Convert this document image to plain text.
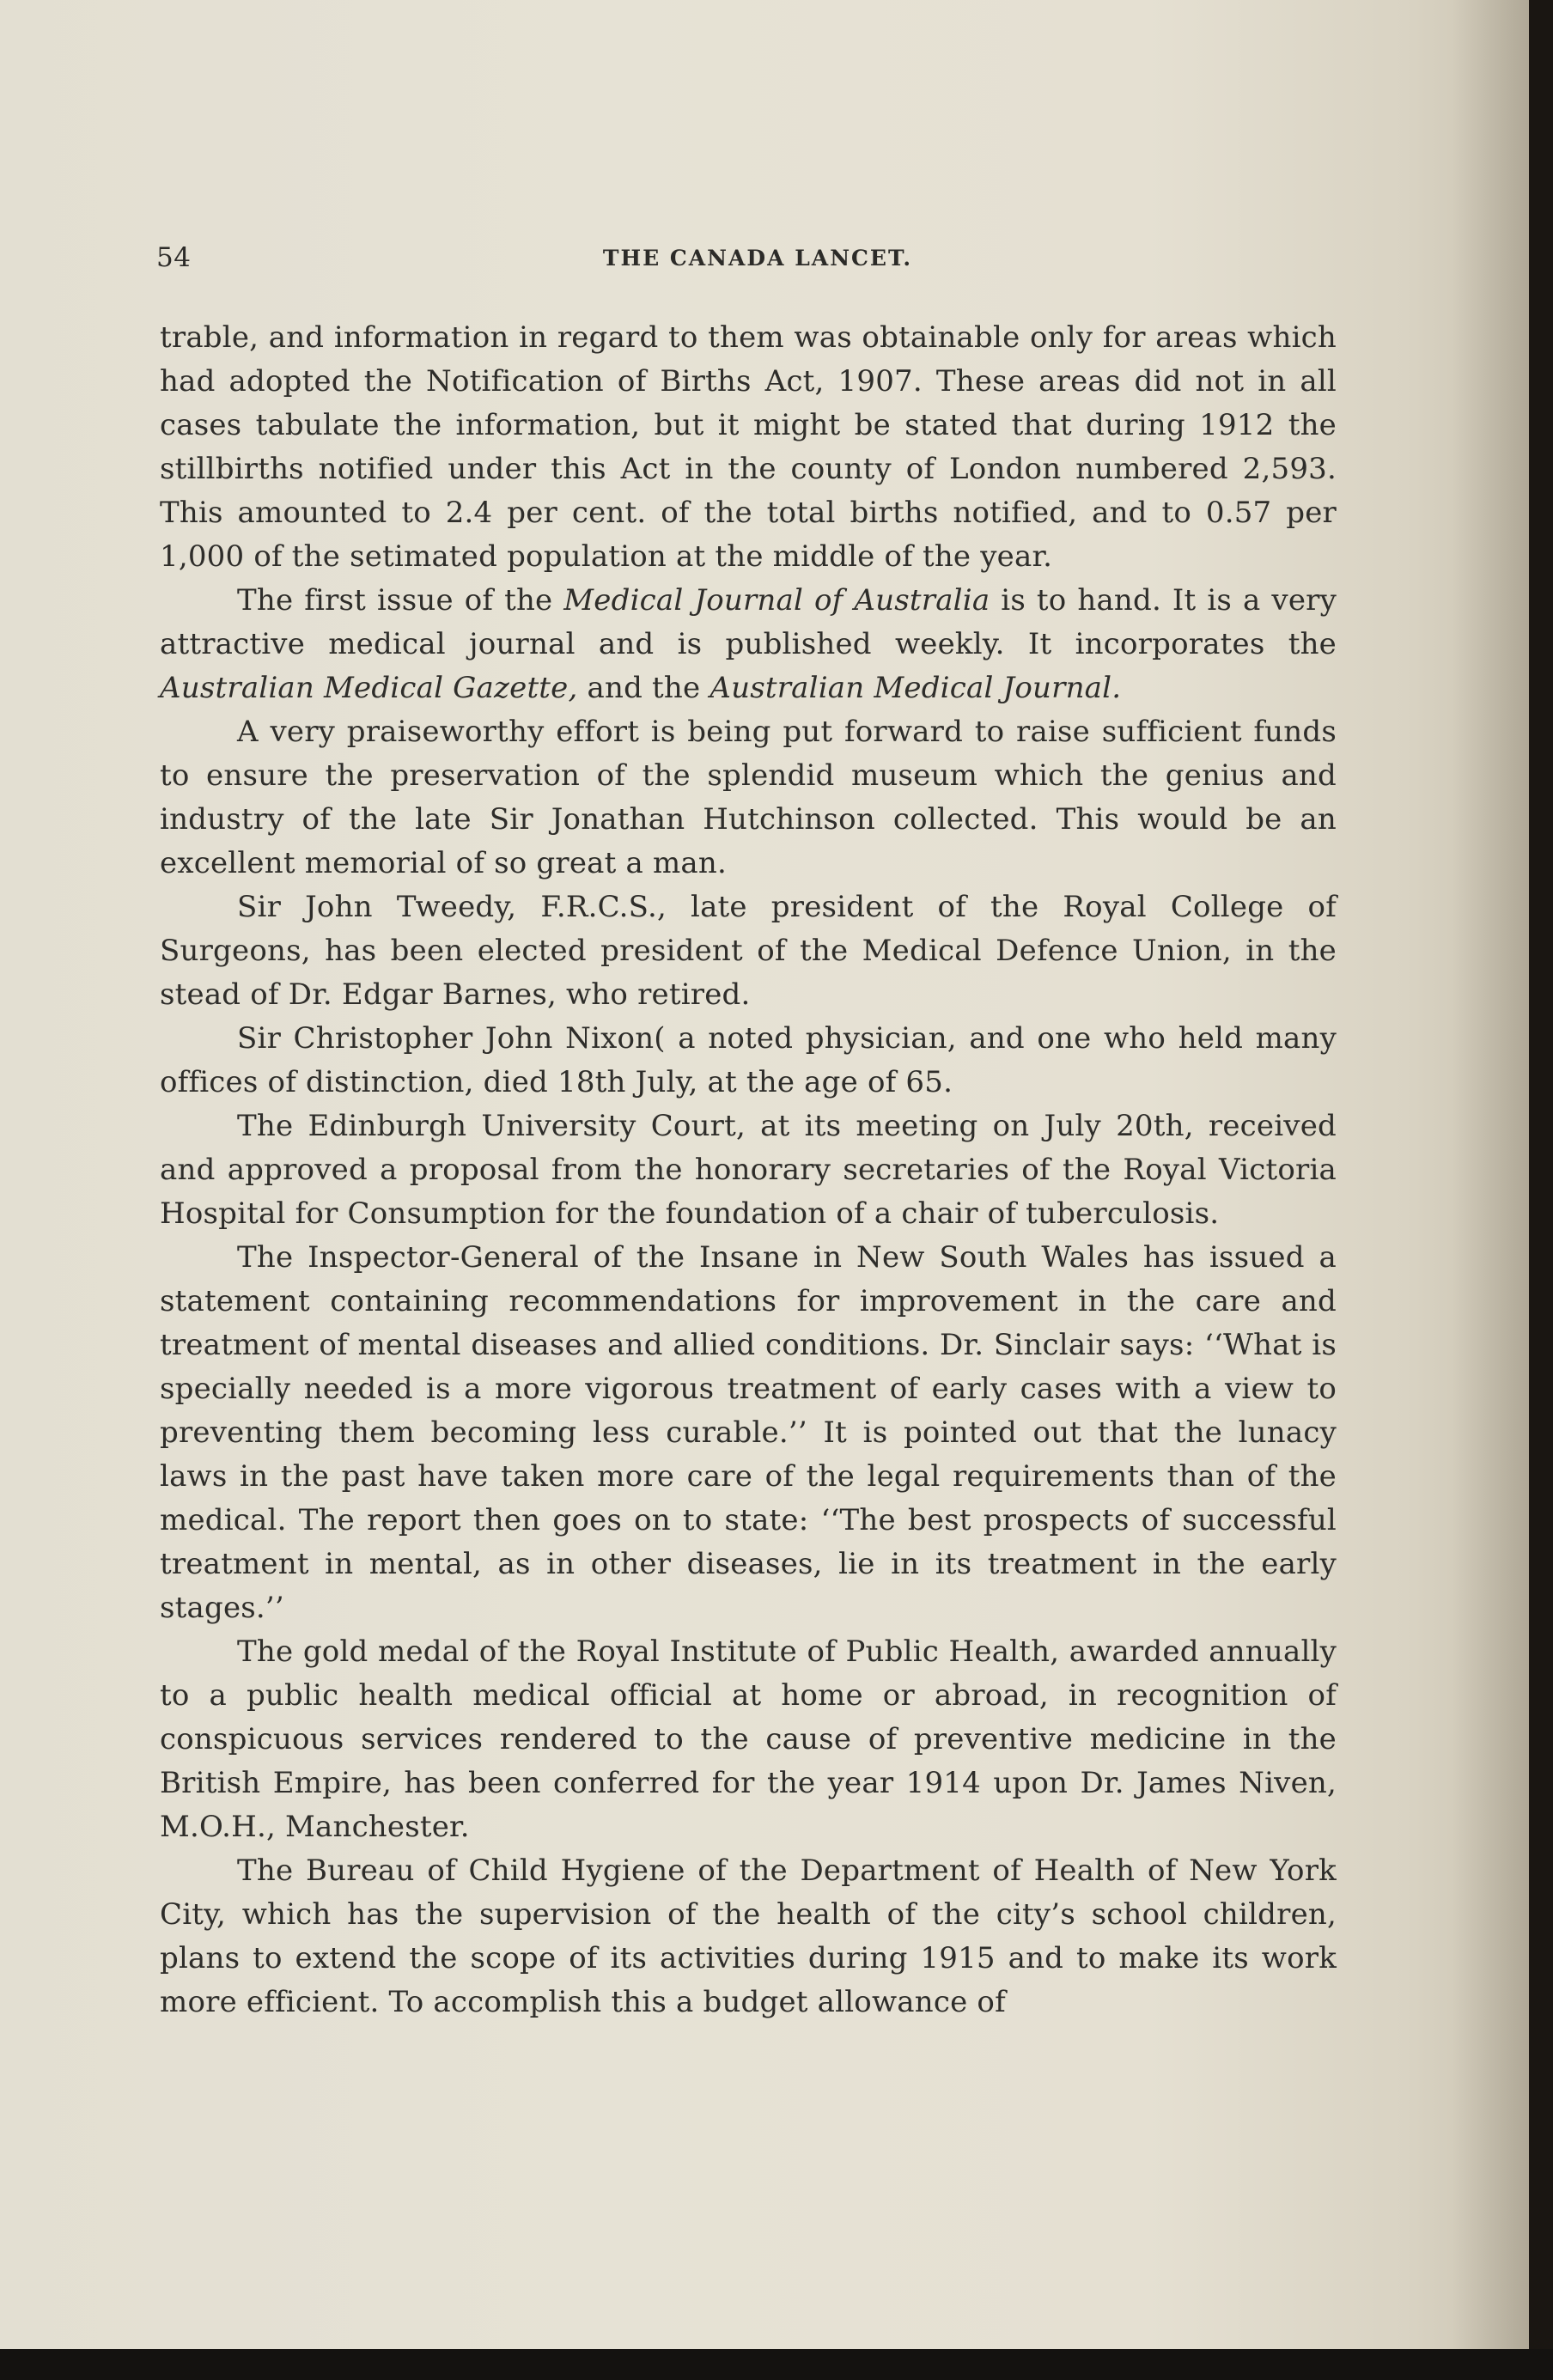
54	THE CANADA LANCET.

trable, and information in regard to them was obtainable only for areas which had adopted the Notification of Births Act, 1907. These areas did not in all cases tabulate the information, but it might be stated that during 1912 the stillbirths notified under this Act in the county of London numbered 2,593. This amounted to 2.4 per cent. of the total births notified, and to 0.57 per 1,000 of the setimated population at the middle of the year.

The first issue of the Medical Journal of Australia is to hand. It is a very attractive medical journal and is published weekly. It incorporates the Australian Medical Gazette, and the Australian Medical Journal.

A very praiseworthy effort is being put forward to raise sufficient funds to ensure the preservation of the splendid museum which the genius and industry of the late Sir Jonathan Hutchinson collected. This would be an excellent memorial of so great a man.

Sir John Tweedy, F.R.C.S., late president of the Royal College of Surgeons, has been elected president of the Medical Defence Union, in the stead of Dr. Edgar Barnes, who retired.

Sir Christopher John Nixon( a noted physician, and one who held many offices of distinction, died 18th July, at the age of 65.

The Edinburgh University Court, at its meeting on July 20th, received and approved a proposal from the honorary secretaries of the Royal Victoria Hospital for Consumption for the foundation of a chair of tuberculosis.

The Inspector-General of the Insane in New South Wales has issued a statement containing recommendations for improvement in the care and treatment of mental diseases and allied conditions. Dr. Sinclair says: ‘‘What is specially needed is a more vigorous treatment of early cases with a view to preventing them becoming less curable.’’ It is pointed out that the lunacy laws in the past have taken more care of the legal requirements than of the medical. The report then goes on to state: ‘‘The best prospects of successful treatment in mental, as in other diseases, lie in its treatment in the early stages.’’

The gold medal of the Royal Institute of Public Health, awarded annually to a public health medical official at home or abroad, in recognition of conspicuous services rendered to the cause of preventive medicine in the British Empire, has been conferred for the year 1914 upon Dr. James Niven, M.O.H., Manchester.

The Bureau of Child Hygiene of the Department of Health of New York City, which has the supervision of the health of the city’s school children, plans to extend the scope of its activities during 1915 and to make its work more efficient. To accomplish this a budget allowance of
